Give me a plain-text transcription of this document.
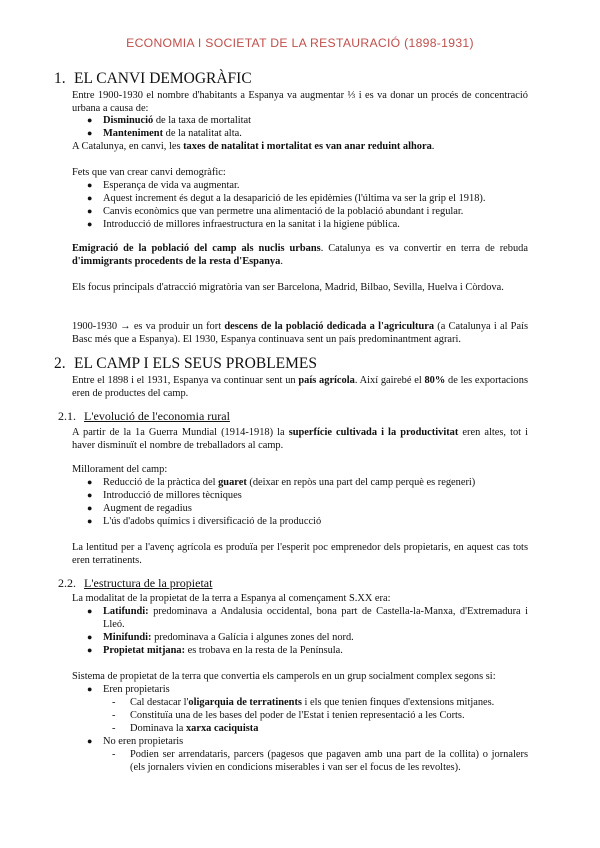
ECONOMIA I SOCIETAT DE LA RESTAURACIÓ (1898-1931)
1. EL CANVI DEMOGRÀFIC
Entre 1900-1930 el nombre d'habitants a Espanya va augmentar ⅓ i es va donar un procés de concentració urbana a causa de:
● Disminució de la taxa de mortalitat
● Manteniment de la natalitat alta.
A Catalunya, en canvi, les taxes de natalitat i mortalitat es van anar reduint alhora.
Fets que van crear canvi demogràfic:
● Esperança de vida va augmentar.
● Aquest increment és degut a la desaparició de les epidèmies (l'última va ser la grip el 1918).
● Canvis econòmics que van permetre una alimentació de la població abundant i regular.
● Introducció de millores infraestructura en la sanitat i la higiene pública.
Emigració de la població del camp als nuclis urbans. Catalunya es va convertir en terra de rebuda d'immigrants procedents de la resta d'Espanya.
Els focus principals d'atracció migratòria van ser Barcelona, Madrid, Bilbao, Sevilla, Huelva i Còrdova.
1900-1930 → es va produir un fort descens de la població dedicada a l'agricultura (a Catalunya i al País Basc més que a Espanya). El 1930, Espanya continuava sent un país predominantment agrari.
2. EL CAMP I ELS SEUS PROBLEMES
Entre el 1898 i el 1931, Espanya va continuar sent un país agrícola. Així gairebé el 80% de les exportacions eren de productes del camp.
2.1. L'evolució de l'economia rural
A partir de la 1a Guerra Mundial (1914-1918) la superfície cultivada i la productivitat eren altes, tot i haver disminuït el nombre de treballadors al camp.
Millorament del camp:
● Reducció de la pràctica del guaret (deixar en repòs una part del camp perquè es regeneri)
● Introducció de millores tècniques
● Augment de regadius
● L'ús d'adobs químics i diversificació de la producció
La lentitud per a l'avenç agrícola es produïa per l'esperit poc emprenedor dels propietaris, en aquest cas tots eren terratinents.
2.2. L'estructura de la propietat
La modalitat de la propietat de la terra a Espanya al començament S.XX era:
● Latifundi: predominava a Andalusia occidental, bona part de Castella-la-Manxa, d'Extremadura i Lleó.
● Minifundi: predominava a Galícia i algunes zones del nord.
● Propietat mitjana: es trobava en la resta de la Península.
Sistema de propietat de la terra que convertia els camperols en un grup socialment complex segons si:
● Eren propietaris
- Cal destacar l'oligarquia de terratinents i els que tenien finques d'extensions mitjanes.
- Constituïa una de les bases del poder de l'Estat i tenien representació a les Corts.
- Dominava la xarxa caciquista
● No eren propietaris
- Podien ser arrendataris, parcers (pagesos que pagaven amb una part de la collita) o jornalers (els jornalers vivien en condicions miserables i van ser el focus de les revoltes).
